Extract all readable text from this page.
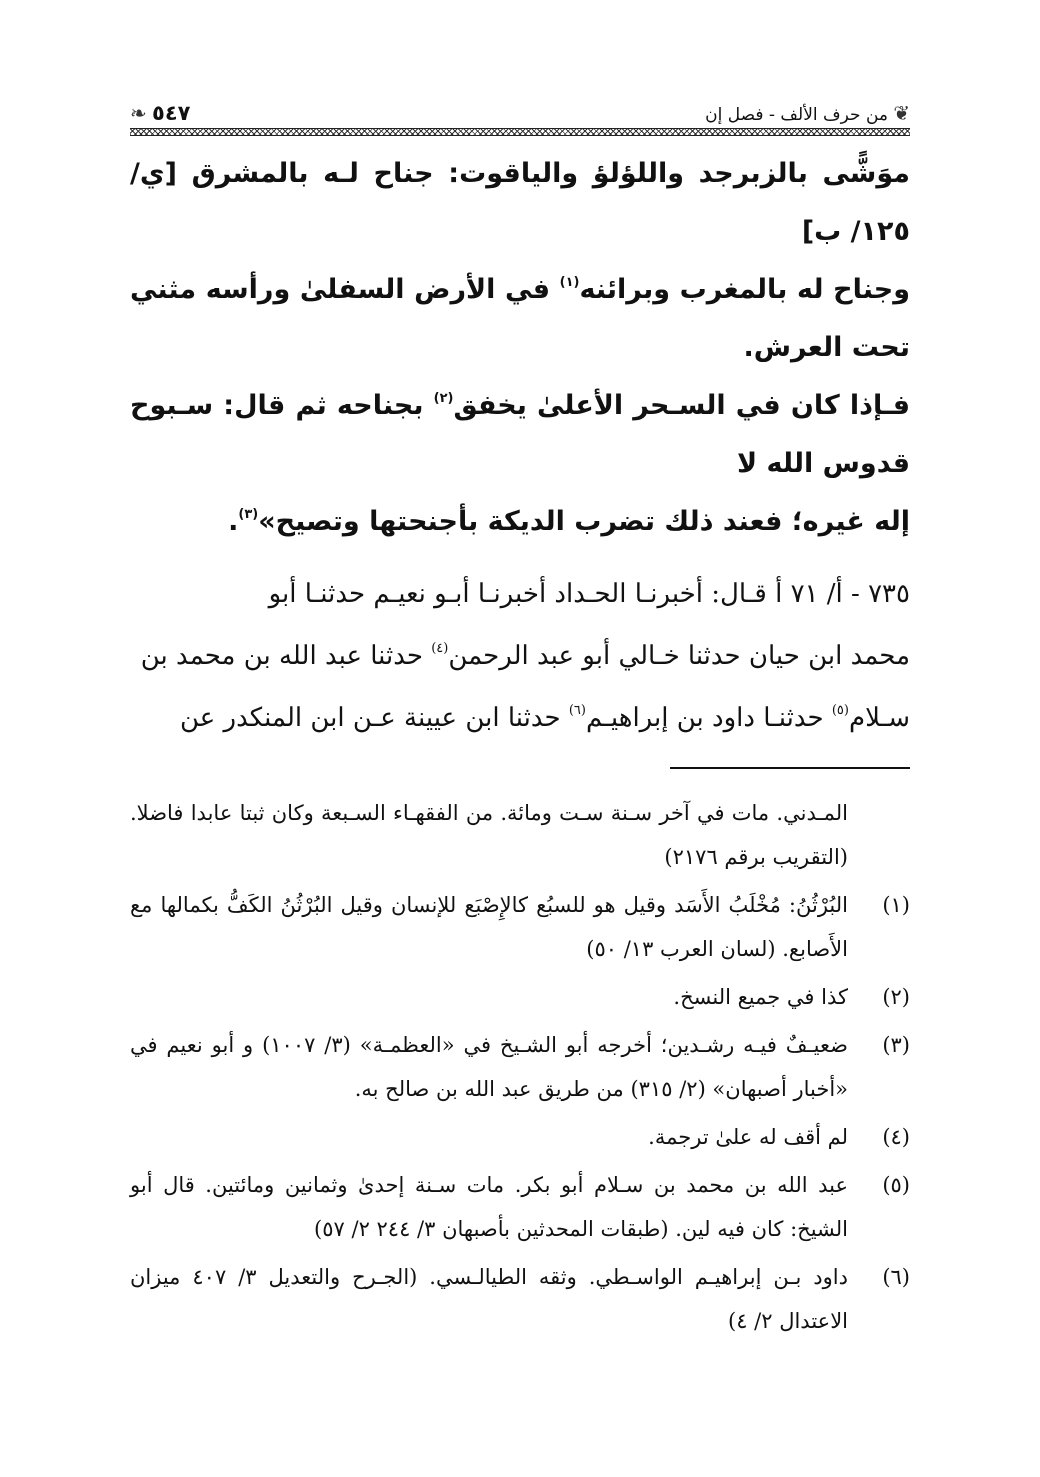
❦
من حرف الألف - فصل إن
٥٤٧
❧

موَشًّى بالزبرجد واللؤلؤ والياقوت: جناح لـه بالمشرق [ي/ ١٢٥/ ب]

وجناح له بالمغرب وبرائنه$^{(١)}$ في الأرض السفلىٰ ورأسه مثني تحت العرش.

فـإذا كان في السـحر الأعلىٰ يخفق$^{(٢)}$ بجناحه ثم قال: سـبوح قدوس الله لا

إله غيره؛ فعند ذلك تضرب الديكة بأجنحتها وتصيح»$^{(٣)}$.

٧٣٥ - أ/ ٧١ أ قـال: أخبرنـا الحـداد أخبرنـا أبـو نعيـم حدثنـا أبو

محمد ابن حيان حدثنا خـالي أبو عبد الرحمن$^{(٤)}$ حدثنا عبد الله بن محمد بن

سـلام$^{(٥)}$ حدثنـا داود بن إبراهيـم$^{(٦)}$ حدثنا ابن عيينة عـن ابن المنكدر عن

المـدني. مات في آخر سـنة سـت ومائة. من الفقهـاء السـبعة وكان ثبتا عابدا فاضلا. (التقريب برقم ٢١٧٦)
(١)
البُرْثُنُ: مُخْلَبُ الأَسَد وقيل هو للسبُع كالإِصْبَع للإنسان وقيل البُرْثُنُ الكَفُّ بكمالها مع الأَصابع. (لسان العرب ١٣/ ٥٠)
(٢)
كذا في جميع النسخ.
(٣)
ضعيـفٌ فيـه رشـدين؛ أخرجه أبو الشـيخ في «العظمـة» (٣/ ١٠٠٧) و أبو نعيم في «أخبار أصبهان» (٢/ ٣١٥) من طريق عبد الله بن صالح به.
(٤)
لم أقف له علىٰ ترجمة.
(٥)
عبد الله بن محمد بن سـلام أبو بكر. مات سـنة إحدىٰ وثمانين ومائتين. قال أبو الشيخ: كان فيه لين. (طبقات المحدثين بأصبهان ٣/ ٢٤٤ ٢/ ٥٧)
(٦)
داود بـن إبراهيـم الواسـطي. وثقه الطيالـسي. (الجـرح والتعديل ٣/ ٤٠٧ ميزان الاعتدال ٢/ ٤)
